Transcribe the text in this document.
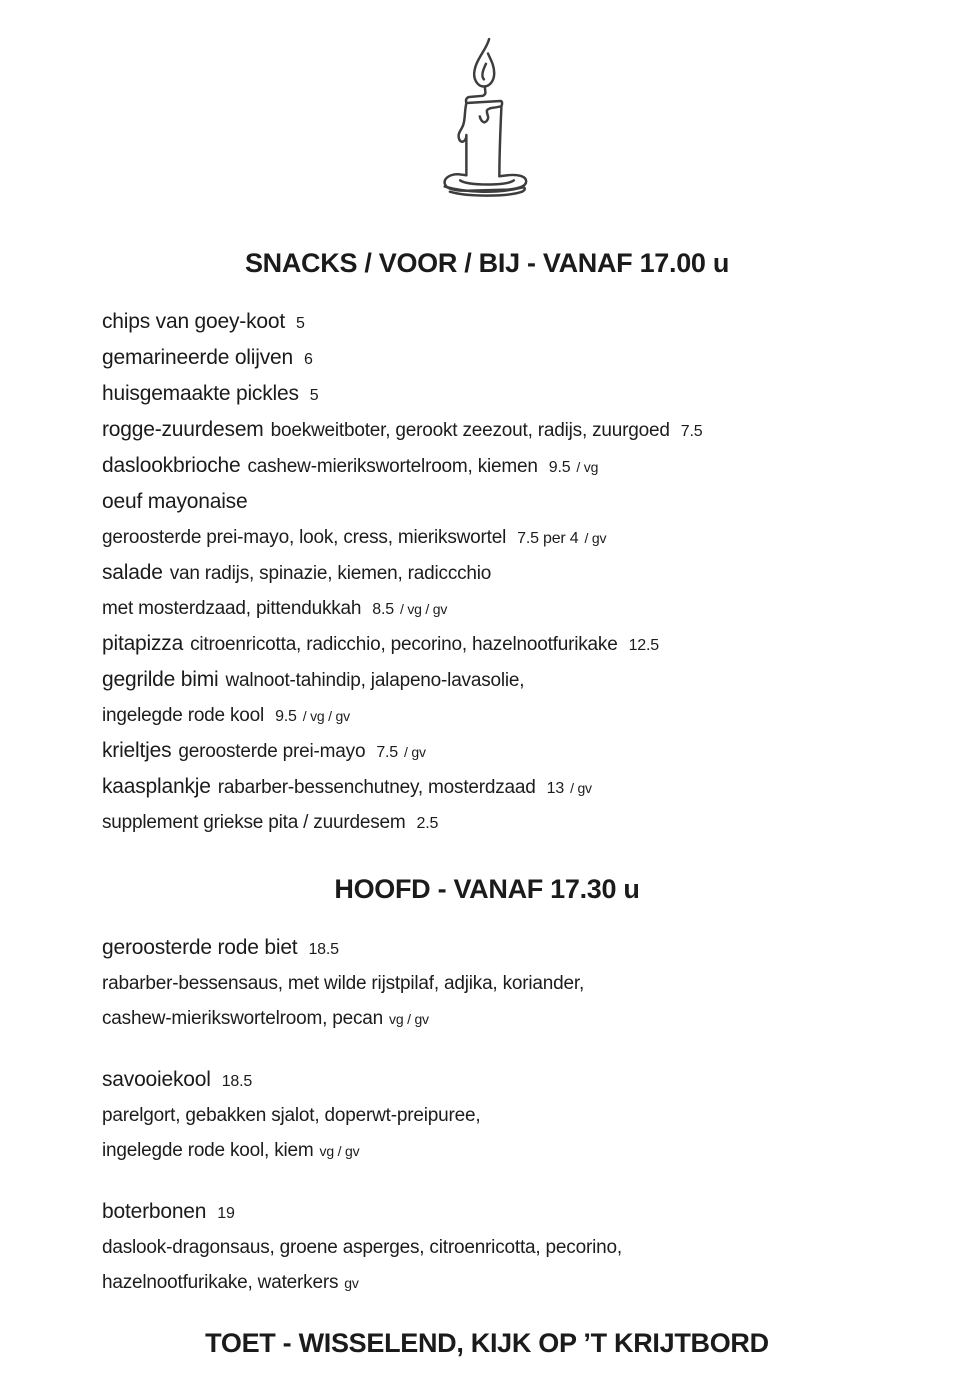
SNACKS / VOOR / BIJ - VANAF 17.00 u
chips van goey-koot 5
gemarineerde olijven 6
huisgemaakte pickles 5
rogge-zuurdesem boekweitboter, gerookt zeezout, radijs, zuurgoed 7.5
daslookbrioche cashew-mierikswortelroom, kiemen 9.5 / vg
oeuf mayonaise
geroosterde prei-mayo, look, cress, mierikswortel 7.5 per 4 / gv
salade van radijs, spinazie, kiemen, radiccchio
met mosterdzaad, pittendukkah 8.5 / vg / gv
pitapizza citroenricotta, radicchio, pecorino, hazelnootfurikake 12.5
gegrilde bimi walnoot-tahindip, jalapeno-lavasolie,
ingelegde rode kool 9.5 / vg / gv
krieltjes geroosterde prei-mayo 7.5 / gv
kaasplankje rabarber-bessenchutney, mosterdzaad 13 / gv
supplement griekse pita / zuurdesem 2.5
HOOFD - VANAF 17.30 u
geroosterde rode biet 18.5
rabarber-bessensaus, met wilde rijstpilaf, adjika, koriander,
cashew-mierikswortelroom, pecan vg / gv
savooiekool 18.5
parelgort, gebakken sjalot, doperwt-preipuree,
ingelegde rode kool, kiem vg / gv
boterbonen 19
daslook-dragonsaus, groene asperges, citroenricotta, pecorino,
hazelnootfurikake, waterkers gv
TOET - WISSELEND, KIJK OP ’T KRIJTBORD
